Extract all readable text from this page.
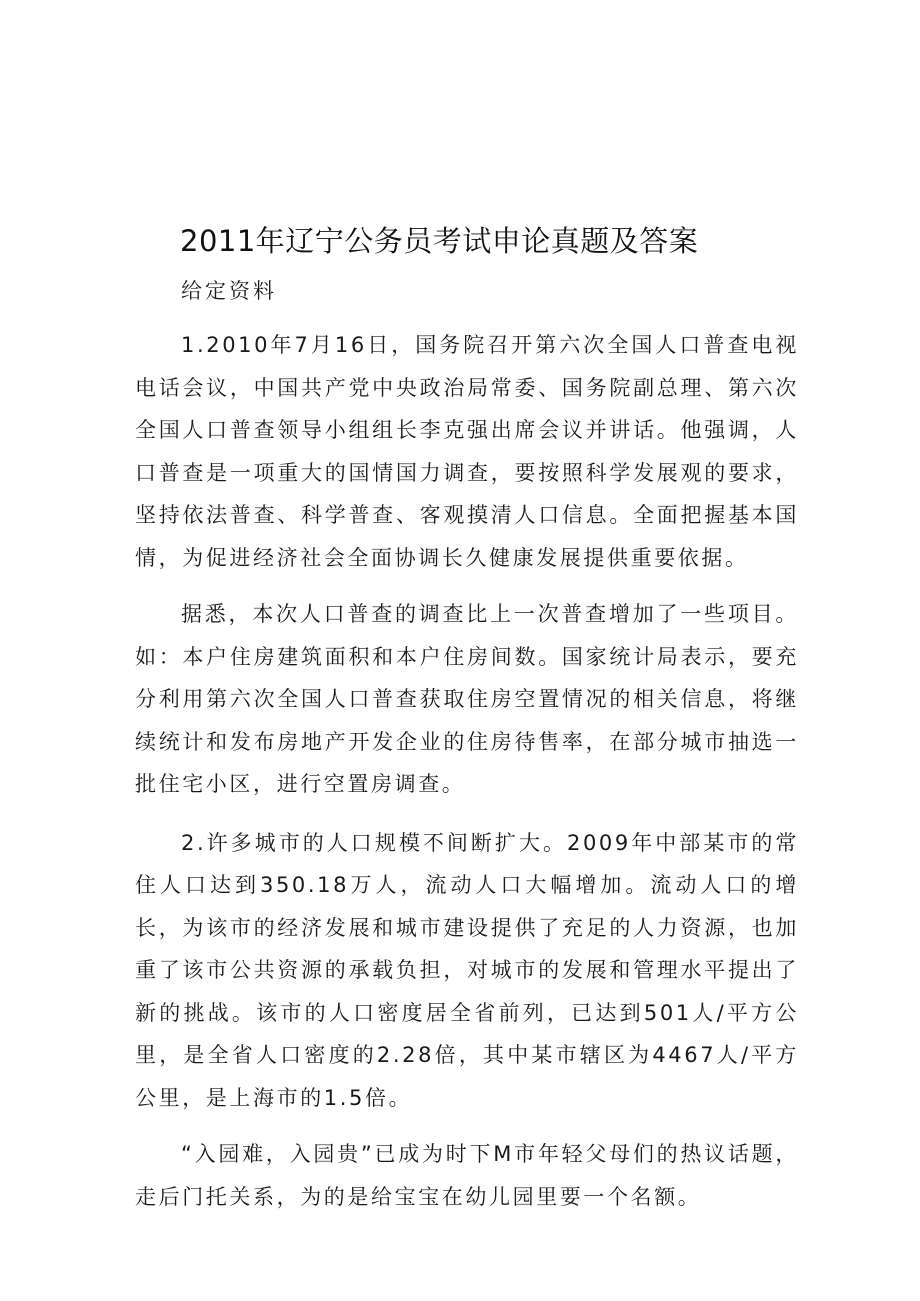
2011年辽宁公务员考试申论真题及答案
给定资料

1.2010年7月16日，国务院召开第六次全国人口普查电视电话会议，中国共产党中央政治局常委、国务院副总理、第六次全国人口普查领导小组组长李克强出席会议并讲话。他强调，人口普查是一项重大的国情国力调查，要按照科学发展观的要求，坚持依法普查、科学普查、客观摸清人口信息。全面把握基本国情，为促进经济社会全面协调长久健康发展提供重要依据。

据悉，本次人口普查的调查比上一次普查增加了一些项目。如：本户住房建筑面积和本户住房间数。国家统计局表示，要充分利用第六次全国人口普查获取住房空置情况的相关信息，将继续统计和发布房地产开发企业的住房待售率，在部分城市抽选一批住宅小区，进行空置房调查。

2.许多城市的人口规模不间断扩大。2009年中部某市的常住人口达到350.18万人，流动人口大幅增加。流动人口的增长，为该市的经济发展和城市建设提供了充足的人力资源，也加重了该市公共资源的承载负担，对城市的发展和管理水平提出了新的挑战。该市的人口密度居全省前列，已达到501人/平方公里，是全省人口密度的2.28倍，其中某市辖区为4467人/平方公里，是上海市的1.5倍。

“入园难，入园贵”已成为时下M市年轻父母们的热议话题，走后门托关系，为的是给宝宝在幼儿园里要一个名额。
